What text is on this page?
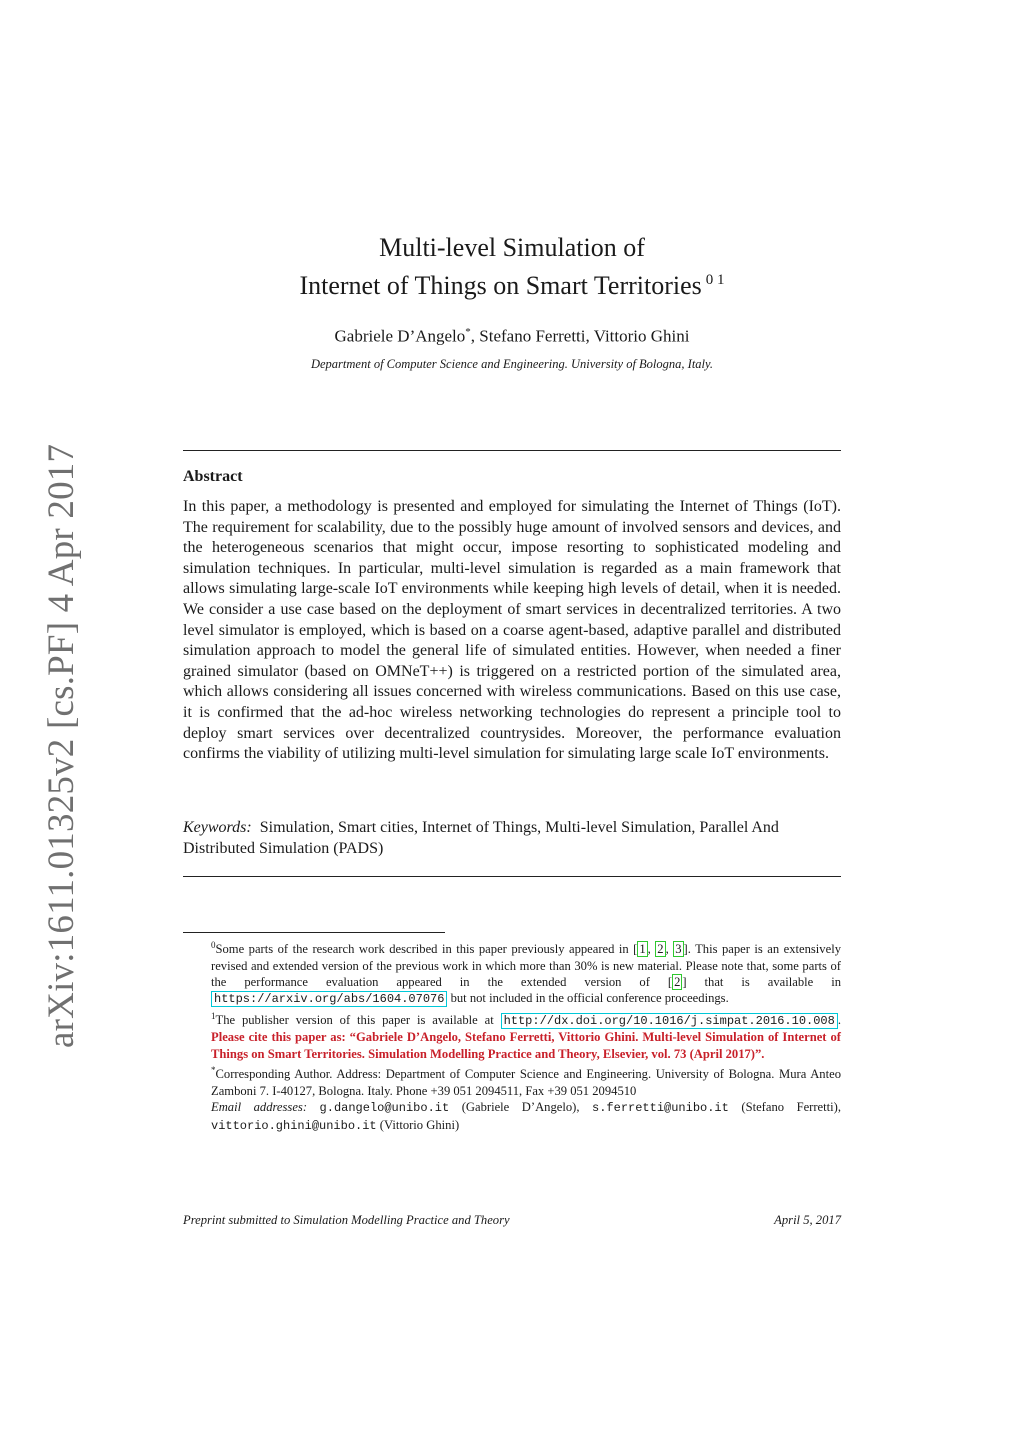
arXiv:1611.01325v2 [cs.PF] 4 Apr 2017
Multi-level Simulation of
Internet of Things on Smart Territories $^{0 1}$
Gabriele D’Angelo*, Stefano Ferretti, Vittorio Ghini
Department of Computer Science and Engineering. University of Bologna, Italy.
Abstract
In this paper, a methodology is presented and employed for simulating the Internet of Things (IoT). The requirement for scalability, due to the possibly huge amount of involved sensors and devices, and the heterogeneous scenarios that might occur, impose resorting to sophisticated modeling and simulation techniques. In particular, multi-level simulation is regarded as a main framework that allows simulating large-scale IoT environments while keeping high levels of detail, when it is needed. We consider a use case based on the deployment of smart services in decentralized territories. A two level simulator is employed, which is based on a coarse agent-based, adaptive parallel and distributed simulation approach to model the general life of simulated entities. However, when needed a finer grained simulator (based on OMNeT++) is triggered on a restricted portion of the simulated area, which allows considering all issues concerned with wireless communications. Based on this use case, it is confirmed that the ad-hoc wireless networking technologies do represent a principle tool to deploy smart services over decentralized countrysides. Moreover, the performance evaluation confirms the viability of utilizing multi-level simulation for simulating large scale IoT environments.
Keywords: Simulation, Smart cities, Internet of Things, Multi-level Simulation, Parallel And Distributed Simulation (PADS)

$^0$Some parts of the research work described in this paper previously appeared in [ 1 , 2 , 3 ]. This paper is an extensively revised and extended version of the previous work in which more than 30% is new material. Please note that, some parts of the performance evaluation appeared in the extended version of [ 2 ] that is available in https://arxiv.org/abs/1604.07076 but not included in the official conference proceedings.

$^1$The publisher version of this paper is available at http://dx.doi.org/10.1016/j.simpat.2016.10.008 . Please cite this paper as: “Gabriele D’Angelo, Stefano Ferretti, Vittorio Ghini. Multi-level Simulation of Internet of Things on Smart Territories. Simulation Modelling Practice and Theory, Elsevier, vol. 73 (April 2017)”.

*Corresponding Author. Address: Department of Computer Science and Engineering. University of Bologna. Mura Anteo Zamboni 7. I-40127, Bologna. Italy. Phone +39 051 2094511, Fax +39 051 2094510

Email addresses: g.dangelo@unibo.it (Gabriele D’Angelo), s.ferretti@unibo.it (Stefano Ferretti), vittorio.ghini@unibo.it (Vittorio Ghini)

Preprint submitted to Simulation Modelling Practice and Theory	April 5, 2017
